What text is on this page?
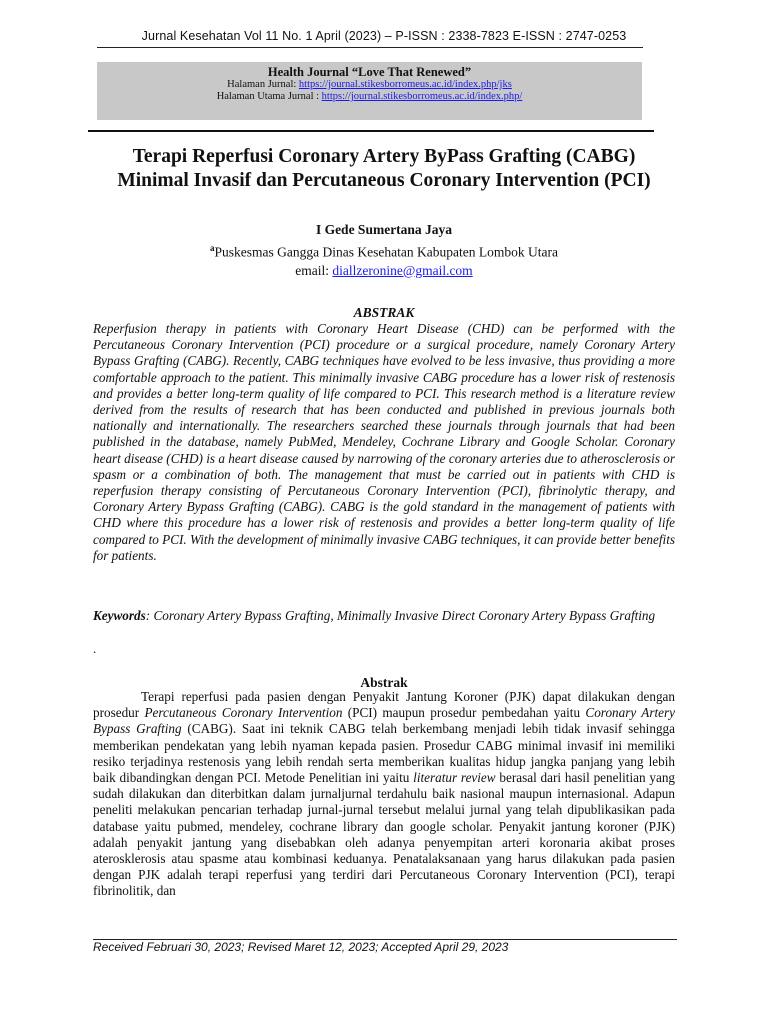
Jurnal Kesehatan Vol 11 No. 1 April (2023) – P-ISSN : 2338-7823 E-ISSN : 2747-0253
Health Journal “Love That Renewed”
Halaman Jurnal: https://journal.stikesborromeus.ac.id/index.php/jks
Halaman Utama Jurnal : https://journal.stikesborromeus.ac.id/index.php/
Terapi Reperfusi Coronary Artery ByPass Grafting (CABG)
Minimal Invasif dan Percutaneous Coronary Intervention (PCI)
I Gede Sumertana Jaya
$^a$Puskesmas Gangga Dinas Kesehatan Kabupaten Lombok Utara
email: diallzeronine@gmail.com
ABSTRAK
Reperfusion therapy in patients with Coronary Heart Disease (CHD) can be performed with the Percutaneous Coronary Intervention (PCI) procedure or a surgical procedure, namely Coronary Artery Bypass Grafting (CABG). Recently, CABG techniques have evolved to be less invasive, thus providing a more comfortable approach to the patient. This minimally invasive CABG procedure has a lower risk of restenosis and provides a better long-term quality of life compared to PCI. This research method is a literature review derived from the results of research that has been conducted and published in previous journals both nationally and internationally. The researchers searched these journals through journals that had been published in the database, namely PubMed, Mendeley, Cochrane Library and Google Scholar. Coronary heart disease (CHD) is a heart disease caused by narrowing of the coronary arteries due to atherosclerosis or spasm or a combination of both. The management that must be carried out in patients with CHD is reperfusion therapy consisting of Percutaneous Coronary Intervention (PCI), fibrinolytic therapy, and Coronary Artery Bypass Grafting (CABG). CABG is the gold standard in the management of patients with CHD where this procedure has a lower risk of restenosis and provides a better long-term quality of life compared to PCI. With the development of minimally invasive CABG techniques, it can provide better benefits for patients.
Keywords: Coronary Artery Bypass Grafting, Minimally Invasive Direct Coronary Artery Bypass Grafting
.
Abstrak
Terapi reperfusi pada pasien dengan Penyakit Jantung Koroner (PJK) dapat dilakukan dengan prosedur Percutaneous Coronary Intervention (PCI) maupun prosedur pembedahan yaitu Coronary Artery Bypass Grafting (CABG). Saat ini teknik CABG telah berkembang menjadi lebih tidak invasif sehingga memberikan pendekatan yang lebih nyaman kepada pasien. Prosedur CABG minimal invasif ini memiliki resiko terjadinya restenosis yang lebih rendah serta memberikan kualitas hidup jangka panjang yang lebih baik dibandingkan dengan PCI. Metode Penelitian ini yaitu literatur review berasal dari hasil penelitian yang sudah dilakukan dan diterbitkan dalam jurnaljurnal terdahulu baik nasional maupun internasional. Adapun peneliti melakukan pencarian terhadap jurnal-jurnal tersebut melalui jurnal yang telah dipublikasikan pada database yaitu pubmed, mendeley, cochrane library dan google scholar. Penyakit jantung koroner (PJK) adalah penyakit jantung yang disebabkan oleh adanya penyempitan arteri koronaria akibat proses aterosklerosis atau spasme atau kombinasi keduanya. Penatalaksanaan yang harus dilakukan pada pasien dengan PJK adalah terapi reperfusi yang terdiri dari Percutaneous Coronary Intervention (PCI), terapi fibrinolitik, dan
Received Februari 30, 2023; Revised Maret 12, 2023; Accepted April 29, 2023
